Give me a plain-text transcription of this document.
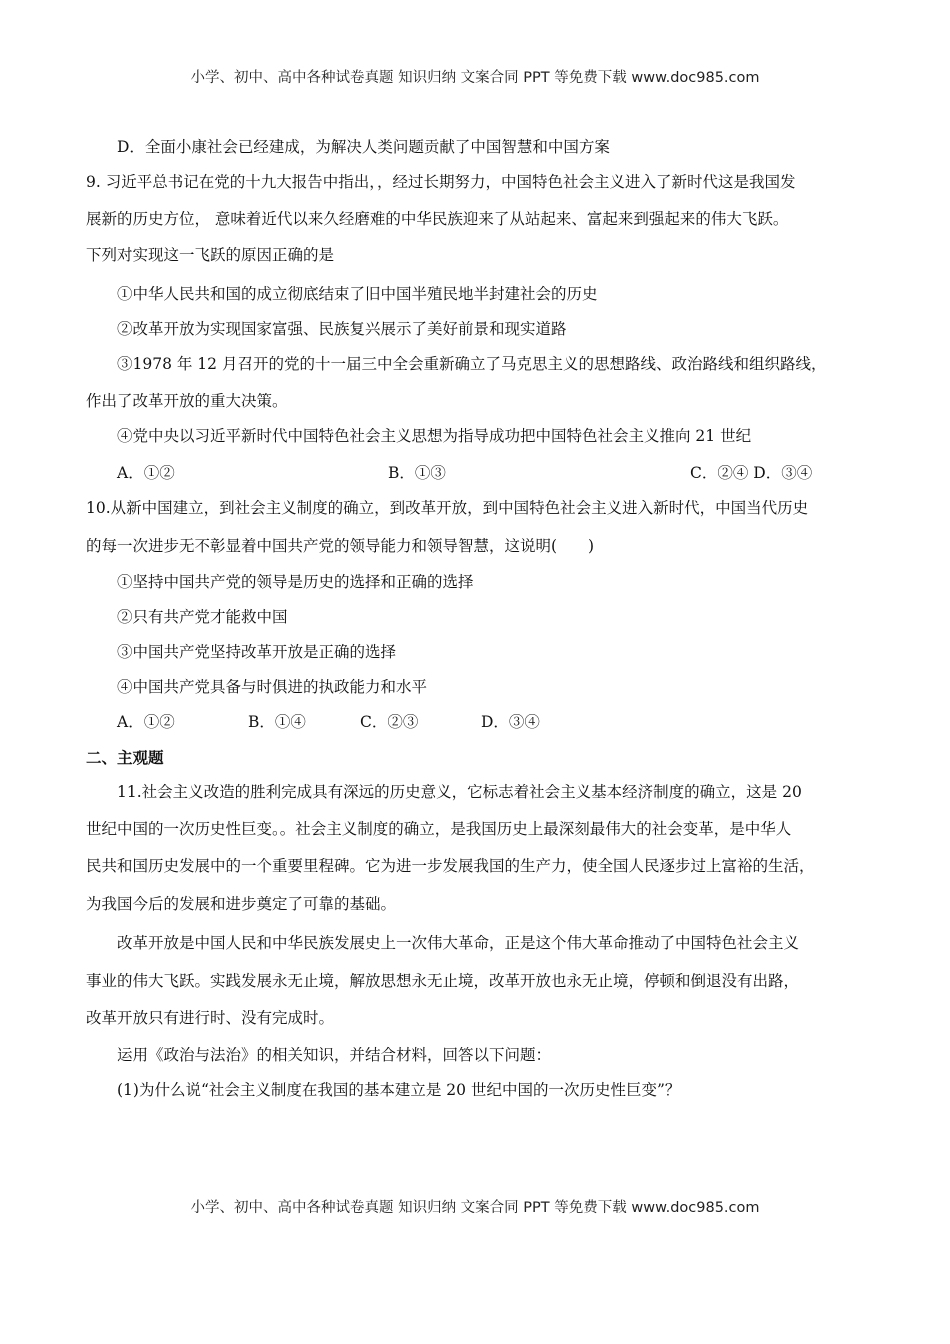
小学、初中、高中各种试卷真题 知识归纳 文案合同 PPT 等免费下载 www.doc985.com
D．全面小康社会已经建成，为解决人类问题贡献了中国智慧和中国方案
9. 习近平总书记在党的十九大报告中指出，，经过长期努力，中国特色社会主义进入了新时代这是我国发
展新的历史方位， 意味着近代以来久经磨难的中华民族迎来了从站起来、富起来到强起来的伟大飞跃。
下列对实现这一飞跃的原因正确的是
①中华人民共和国的成立彻底结束了旧中国半殖民地半封建社会的历史
②改革开放为实现国家富强、民族复兴展示了美好前景和现实道路
③1978 年 12 月召开的党的十一届三中全会重新确立了马克思主义的思想路线、政治路线和组织路线，
作出了改革开放的重大决策。
④党中央以习近平新时代中国特色社会主义思想为指导成功把中国特色社会主义推向 21 世纪
A．①②	B．①③	C．②④ D．③④
10.从新中国建立，到社会主义制度的确立，到改革开放，到中国特色社会主义进入新时代，中国当代历史
的每一次进步无不彰显着中国共产党的领导能力和领导智慧，这说明(　　)
①坚持中国共产党的领导是历史的选择和正确的选择
②只有共产党才能救中国
③中国共产党坚持改革开放是正确的选择
④中国共产党具备与时俱进的执政能力和水平
A．①②	B．①④	C．②③	D．③④
二、主观题
11.社会主义改造的胜利完成具有深远的历史意义，它标志着社会主义基本经济制度的确立，这是 20
世纪中国的一次历史性巨变。。社会主义制度的确立，是我国历史上最深刻最伟大的社会变革，是中华人
民共和国历史发展中的一个重要里程碑。它为进一步发展我国的生产力，使全国人民逐步过上富裕的生活，
为我国今后的发展和进步奠定了可靠的基础。
改革开放是中国人民和中华民族发展史上一次伟大革命，正是这个伟大革命推动了中国特色社会主义
事业的伟大飞跃。实践发展永无止境，解放思想永无止境，改革开放也永无止境，停顿和倒退没有出路，
改革开放只有进行时、没有完成时。
运用《政治与法治》的相关知识，并结合材料，回答以下问题：
(1)为什么说“社会主义制度在我国的基本建立是 20 世纪中国的一次历史性巨变”？
小学、初中、高中各种试卷真题 知识归纳 文案合同 PPT 等免费下载 www.doc985.com
